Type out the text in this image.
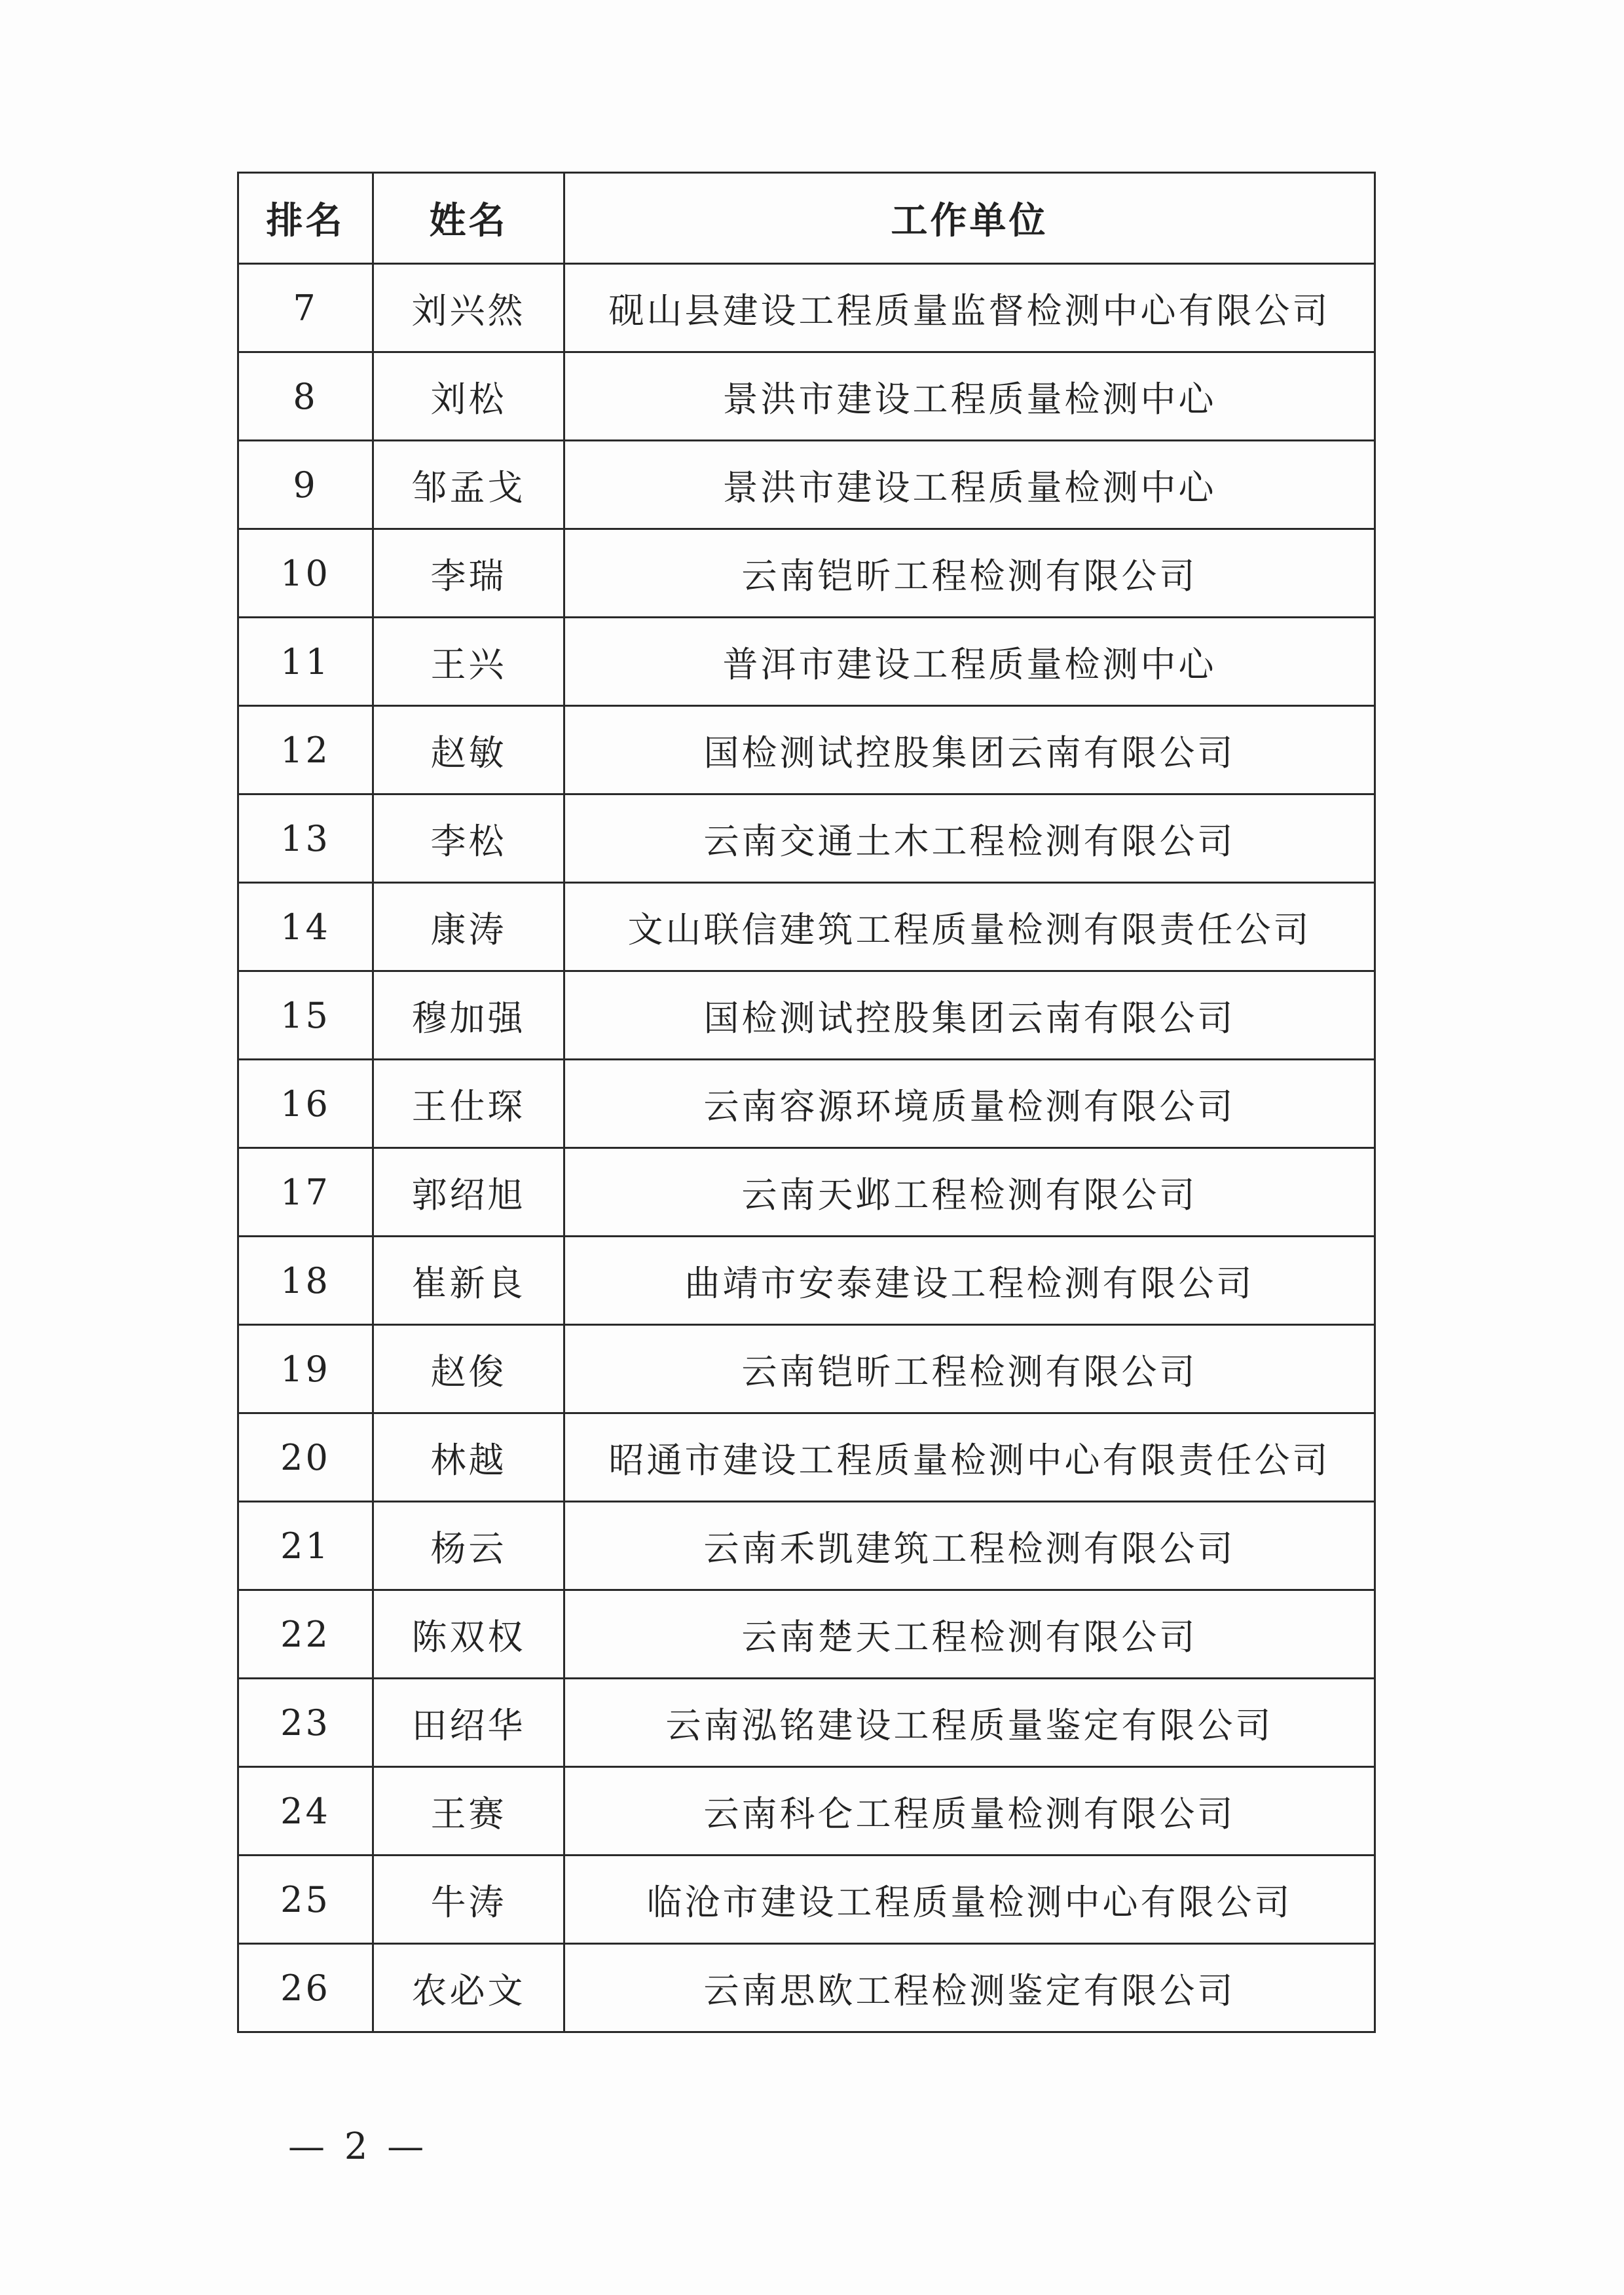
排名	姓名	工作单位
7	刘兴然	砚山县建设工程质量监督检测中心有限公司
8	刘松	景洪市建设工程质量检测中心
9	邹孟戈	景洪市建设工程质量检测中心
10	李瑞	云南铠昕工程检测有限公司
11	王兴	普洱市建设工程质量检测中心
12	赵敏	国检测试控股集团云南有限公司
13	李松	云南交通土木工程检测有限公司
14	康涛	文山联信建筑工程质量检测有限责任公司
15	穆加强	国检测试控股集团云南有限公司
16	王仕琛	云南容源环境质量检测有限公司
17	郭绍旭	云南天邺工程检测有限公司
18	崔新良	曲靖市安泰建设工程检测有限公司
19	赵俊	云南铠昕工程检测有限公司
20	林越	昭通市建设工程质量检测中心有限责任公司
21	杨云	云南禾凯建筑工程检测有限公司
22	陈双权	云南楚天工程检测有限公司
23	田绍华	云南泓铭建设工程质量鉴定有限公司
24	王赛	云南科仑工程质量检测有限公司
25	牛涛	临沧市建设工程质量检测中心有限公司
26	农必文	云南思欧工程检测鉴定有限公司
— 2 —
